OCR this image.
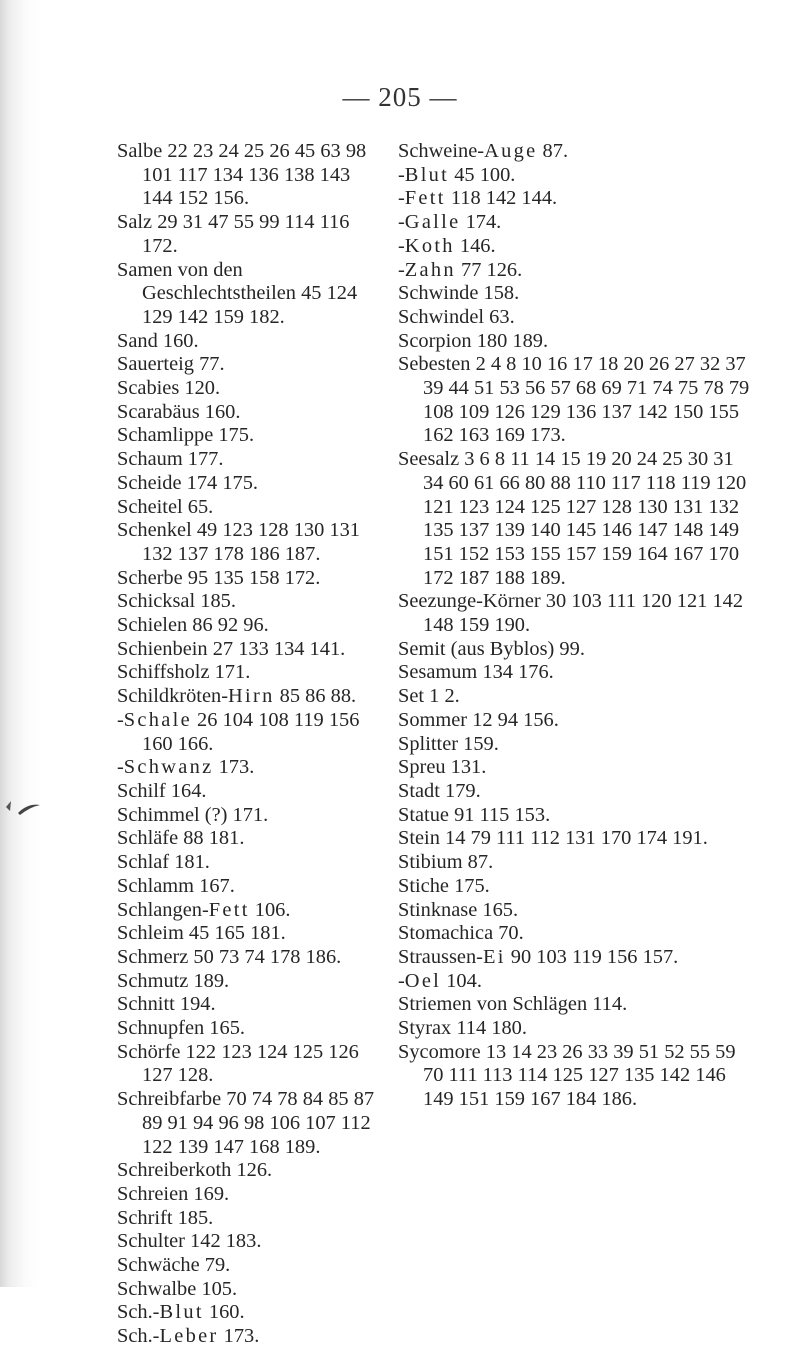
— 205 —
Salbe 22 23 24 25 26 45 63 98 101 117 134 136 138 143 144 152 156.
Salz 29 31 47 55 99 114 116 172.
Samen von den Geschlechtstheilen 45 124 129 142 159 182.
Sand 160.
Sauerteig 77.
Scabies 120.
Scarabäus 160.
Schamlippe 175.
Schaum 177.
Scheide 174 175.
Scheitel 65.
Schenkel 49 123 128 130 131 132 137 178 186 187.
Scherbe 95 135 158 172.
Schicksal 185.
Schielen 86 92 96.
Schienbein 27 133 134 141.
Schiffsholz 171.
Schildkröten-Hirn 85 86 88.
-Schale 26 104 108 119 156 160 166.
-Schwanz 173.
Schilf 164.
Schimmel (?) 171.
Schläfe 88 181.
Schlaf 181.
Schlamm 167.
Schlangen-Fett 106.
Schleim 45 165 181.
Schmerz 50 73 74 178 186.
Schmutz 189.
Schnitt 194.
Schnupfen 165.
Schörfe 122 123 124 125 126 127 128.
Schreibfarbe 70 74 78 84 85 87 89 91 94 96 98 106 107 112 122 139 147 168 189.
Schreiberkoth 126.
Schreien 169.
Schrift 185.
Schulter 142 183.
Schwäche 79.
Schwalbe 105.
Sch.-Blut 160.
Sch.-Leber 173.
Schweine-Auge 87.
-Blut 45 100.
-Fett 118 142 144.
-Galle 174.
-Koth 146.
-Zahn 77 126.
Schwinde 158.
Schwindel 63.
Scorpion 180 189.
Sebesten 2 4 8 10 16 17 18 20 26 27 32 37 39 44 51 53 56 57 68 69 71 74 75 78 79 108 109 126 129 136 137 142 150 155 162 163 169 173.
Seesalz 3 6 8 11 14 15 19 20 24 25 30 31 34 60 61 66 80 88 110 117 118 119 120 121 123 124 125 127 128 130 131 132 135 137 139 140 145 146 147 148 149 151 152 153 155 157 159 164 167 170 172 187 188 189.
Seezunge-Körner 30 103 111 120 121 142 148 159 190.
Semit (aus Byblos) 99.
Sesamum 134 176.
Set 1 2.
Sommer 12 94 156.
Splitter 159.
Spreu 131.
Stadt 179.
Statue 91 115 153.
Stein 14 79 111 112 131 170 174 191.
Stibium 87.
Stiche 175.
Stinknase 165.
Stomachica 70.
Straussen-Ei 90 103 119 156 157.
-Oel 104.
Striemen von Schlägen 114.
Styrax 114 180.
Sycomore 13 14 23 26 33 39 51 52 55 59 70 111 113 114 125 127 135 142 146 149 151 159 167 184 186.
